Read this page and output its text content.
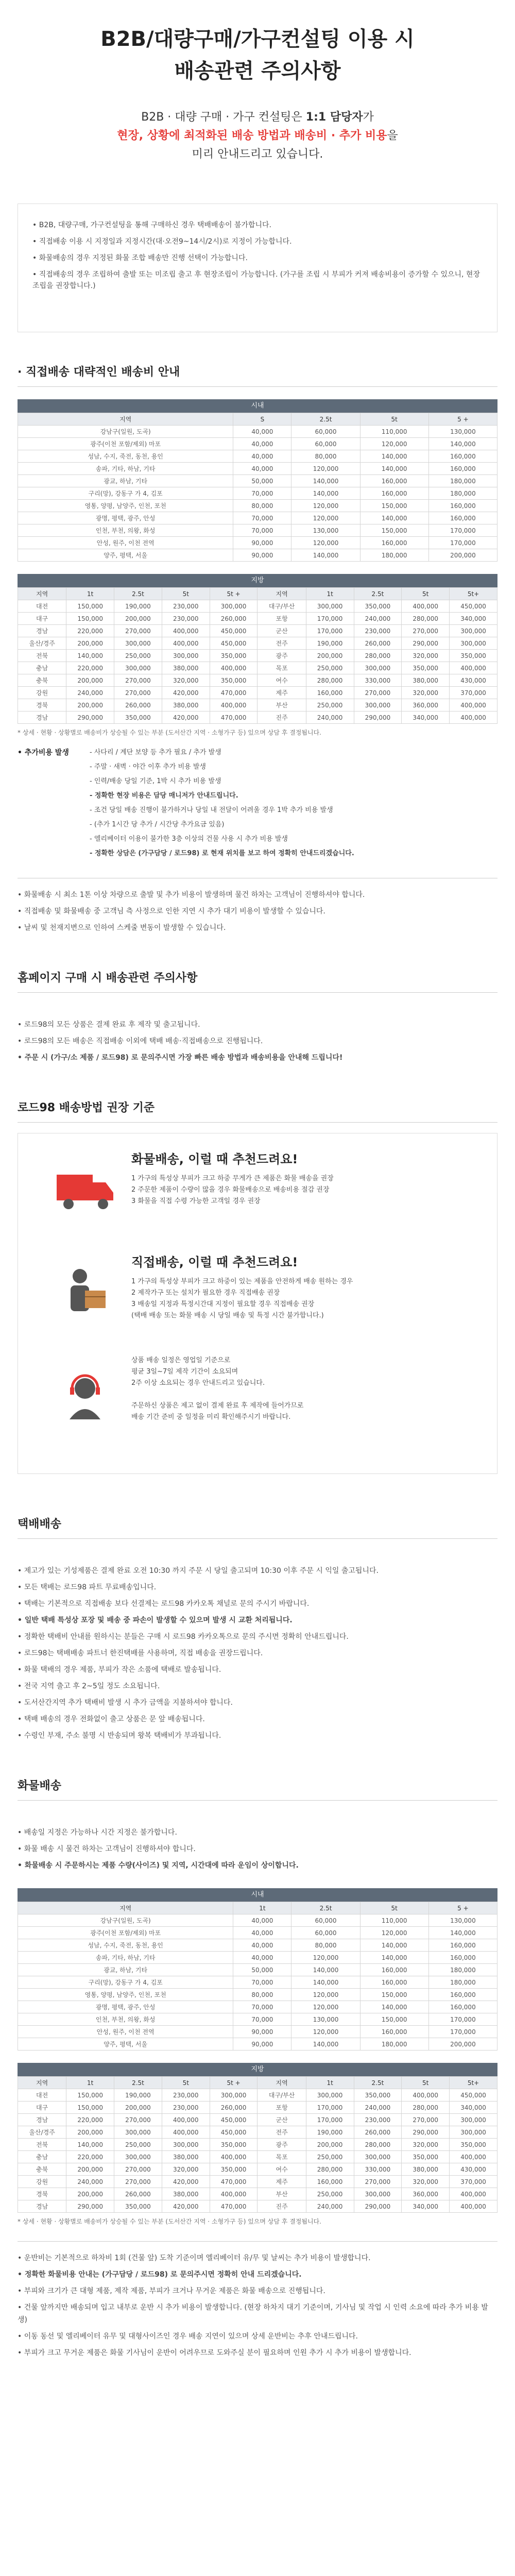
B2B/대량구매/가구컨설팅 이용 시
배송관련 주의사항

B2B · 대량 구매 · 가구 컨설팅은 1:1 담당자가

현장, 상황에 최적화된 배송 방법과 배송비 · 추가 비용을

미리 안내드리고 있습니다.

• B2B, 대량구매, 가구컨설팅을 통해 구매하신 경우 택배배송이 불가합니다.
• 직접배송 이용 시 지정일과 지정시간(대·오전9~14시/2시)로 지정이 가능합니다.
• 화물배송의 경우 지정된 화물 조합 배송만 진행 선택이 가능합니다.
• 직접배송의 경우 조립하여 출발 또는 미조립 출고 후 현장조립이 가능합니다. (가구를 조립 시 부피가 커져 배송비용이 증가할 수 있으니, 현장조립을 권장합니다.)
· 직접배송 대략적인 배송비 안내
시내
지역	S	2.5t	5t	5 +
강남구(일원, 도곡)	40,000	60,000	110,000	130,000
광주(이천 포함/제외) 마포	40,000	60,000	120,000	140,000
성남, 수지, 죽전, 동천, 용인	40,000	80,000	140,000	160,000
송파, 기타, 하남, 기타	40,000	120,000	140,000	160,000
광교, 하남, 기타	50,000	140,000	160,000	180,000
구리(망), 강동구 가 4, 김포	70,000	140,000	160,000	180,000
영통, 양평, 남양주, 인천, 포천	80,000	120,000	150,000	160,000
광명, 평택, 광주, 안성	70,000	120,000	140,000	160,000
인천, 부천, 의왕, 화성	70,000	130,000	150,000	170,000
안성, 원주, 이천 전역	90,000	120,000	160,000	170,000
양주, 평택, 서울	90,000	140,000	180,000	200,000
지방
지역	1t	2.5t	5t	5t +	지역	1t	2.5t	5t	5t+
대전	150,000	190,000	230,000	300,000	대구/부산	300,000	350,000	400,000	450,000
대구	150,000	200,000	230,000	260,000	포항	170,000	240,000	280,000	340,000
경남	220,000	270,000	400,000	450,000	군산	170,000	230,000	270,000	300,000
울산/경주	200,000	300,000	400,000	450,000	전주	190,000	260,000	290,000	300,000
전북	140,000	250,000	300,000	350,000	광주	200,000	280,000	320,000	350,000
충남	220,000	300,000	380,000	400,000	목포	250,000	300,000	350,000	400,000
충북	200,000	270,000	320,000	350,000	여수	280,000	330,000	380,000	430,000
강원	240,000	270,000	420,000	470,000	제주	160,000	270,000	320,000	370,000
경북	200,000	260,000	380,000	400,000	부산	250,000	300,000	360,000	400,000
경남	290,000	350,000	420,000	470,000	진주	240,000	290,000	340,000	400,000
* 상세 · 현황 · 상황별로 배송비가 상승될 수 있는 부분 (도서산간 지역 · 소형가구 등) 있으며 상담 후 결정됩니다.
• 추가비용 발생	- 사다리 / 계단 보양 등 추가 필요 / 추가 발생
- 주말 · 새벽 · 야간 이후 추가 비용 발생
- 인력/배송 당일 기준, 1박 시 추가 비용 발생
- 정확한 현장 비용은 담당 매니저가 안내드립니다.
- 조건 당일 배송 진행이 불가하거나 당일 내 전달이 어려울 경우 1박 추가 비용 발생
- (추가 1시간 당 추가 / 시간당 추가요금 있음)
- 엘리베이터 이용이 불가한 3층 이상의 건물 사용 시 추가 비용 발생
- 정확한 상담은 (가구담당 / 로드98) 로 현재 위치를 보고 하여 정확히 안내드리겠습니다.
• 화물배송 시 최소 1톤 이상 차량으로 출발 및 추가 비용이 발생하며 물건 하차는 고객님이 진행하셔야 합니다.
• 직접배송 및 화물배송 중 고객님 측 사정으로 인한 지연 시 추가 대기 비용이 발생할 수 있습니다.
• 날씨 및 천재지변으로 인하여 스케줄 변동이 발생할 수 있습니다.
홈페이지 구매 시 배송관련 주의사항
• 로드98의 모든 상품은 결제 완료 후 제작 및 출고됩니다.
• 로드98의 모든 배송은 직접배송 이외에 택배 배송·직접배송으로 진행됩니다.
• 주문 시 (가구/소 제품 / 로드98) 로 문의주시면 가장 빠른 배송 방법과 배송비용을 안내해 드립니다!
로드98 배송방법 권장 기준
화물배송, 이럴 때 추천드려요!
1 가구의 특성상 부피가 크고 하중 무게가 큰 제품은 화물 배송을 권장
2 주문한 제품이 수량이 많을 경우 화물배송으로 배송비용 절감 권장
3 화물을 직접 수령 가능한 고객일 경우 권장
직접배송, 이럴 때 추천드려요!
1 가구의 특성상 부피가 크고 하중이 있는 제품을 안전하게 배송 원하는 경우
2 제작가구 또는 설치가 필요한 경우 직접배송 권장
3 배송일 지정과 특정시간대 지정이 필요할 경우 직접배송 권장
(택배 배송 또는 화물 배송 시 당일 배송 및 특정 시간 불가합니다.)
상품 배송 일정은 영업일 기준으로
평균 3일~7일 제작 기간이 소요되며
2주 이상 소요되는 경우 안내드리고 있습니다.

주문하신 상품은 제고 없이 결제 완료 후 제작에 들어가므로
배송 기간 준비 중 일정을 미리 확인해주시기 바랍니다.
택배배송
• 제고가 있는 기성제품은 결제 완료 오전 10:30 까지 주문 시 당일 출고되며 10:30 이후 주문 시 익일 출고됩니다.
• 모든 택배는 로드98 파트 무료배송입니다.
• 택배는 기본적으로 직접배송 보다 선결제는 로드98 카카오톡 채널로 문의 주시기 바랍니다.
• 일반 택배 특성상 포장 및 배송 중 파손이 발생할 수 있으며 발생 시 교환 처리됩니다.
• 정확한 택배비 안내를 원하시는 분들은 구매 시 로드98 카카오톡으로 문의 주시면 정확히 안내드립니다.
• 로드98는 택배배송 파트너 한진택배를 사용하며, 직접 배송을 권장드립니다.
• 화물 택배의 경우 제품, 부피가 작은 소품에 택배로 발송됩니다.
• 전국 지역 출고 후 2~5일 정도 소요됩니다.
• 도서산간지역 추가 택배비 발생 시 추가 금액을 지불하셔야 합니다.
• 택배 배송의 경우 전화없이 출고 상품은 문 앞 배송됩니다.
• 수령인 부재, 주소 불명 시 반송되며 왕복 택배비가 부과됩니다.
화물배송
• 배송일 지정은 가능하나 시간 지정은 불가합니다.
• 화물 배송 시 물건 하차는 고객님이 진행하셔야 합니다.
• 화물배송 시 주문하시는 제품 수량(사이즈) 및 지역, 시간대에 따라 운임이 상이합니다.
시내
지역	1t	2.5t	5t	5 +
강남구(일원, 도곡)	40,000	60,000	110,000	130,000
광주(이천 포함/제외) 마포	40,000	60,000	120,000	140,000
성남, 수지, 죽전, 동천, 용인	40,000	80,000	140,000	160,000
송파, 기타, 하남, 기타	40,000	120,000	140,000	160,000
광교, 하남, 기타	50,000	140,000	160,000	180,000
구리(망), 강동구 가 4, 김포	70,000	140,000	160,000	180,000
영통, 양평, 남양주, 인천, 포천	80,000	120,000	150,000	160,000
광명, 평택, 광주, 안성	70,000	120,000	140,000	160,000
인천, 부천, 의왕, 화성	70,000	130,000	150,000	170,000
안성, 원주, 이천 전역	90,000	120,000	160,000	170,000
양주, 평택, 서울	90,000	140,000	180,000	200,000
지방
지역	1t	2.5t	5t	5t +	지역	1t	2.5t	5t	5t+
대전	150,000	190,000	230,000	300,000	대구/부산	300,000	350,000	400,000	450,000
대구	150,000	200,000	230,000	260,000	포항	170,000	240,000	280,000	340,000
경남	220,000	270,000	400,000	450,000	군산	170,000	230,000	270,000	300,000
울산/경주	200,000	300,000	400,000	450,000	전주	190,000	260,000	290,000	300,000
전북	140,000	250,000	300,000	350,000	광주	200,000	280,000	320,000	350,000
충남	220,000	300,000	380,000	400,000	목포	250,000	300,000	350,000	400,000
충북	200,000	270,000	320,000	350,000	여수	280,000	330,000	380,000	430,000
강원	240,000	270,000	420,000	470,000	제주	160,000	270,000	320,000	370,000
경북	200,000	260,000	380,000	400,000	부산	250,000	300,000	360,000	400,000
경남	290,000	350,000	420,000	470,000	진주	240,000	290,000	340,000	400,000
* 상세 · 현황 · 상황별로 배송비가 상승될 수 있는 부분 (도서산간 지역 · 소형가구 등) 있으며 상담 후 결정됩니다.
• 운반비는 기본적으로 하차비 1회 (건물 앞) 도착 기준이며 엘리베이터 유/무 및 날씨는 추가 비용이 발생합니다.
• 정확한 화물비용 안내는 (가구담당 / 로드98) 로 문의주시면 정확히 안내 드리겠습니다.
• 부피와 크기가 큰 대형 제품, 제작 제품, 부피가 크거나 무거운 제품은 화물 배송으로 진행됩니다.
• 건물 앞까지만 배송되며 입고 내부로 운반 시 추가 비용이 발생합니다. (현장 하차지 대기 기준이며, 기사님 및 작업 시 인력 소요에 따라 추가 비용 발생)
• 이동 동선 및 엘리베이터 유무 및 대형사이즈인 경우 배송 지연이 있으며 상세 운반비는 추후 안내드립니다.
• 부피가 크고 무거운 제품은 화물 기사님이 운반이 어려우므로 도와주실 분이 필요하며 인원 추가 시 추가 비용이 발생합니다.
